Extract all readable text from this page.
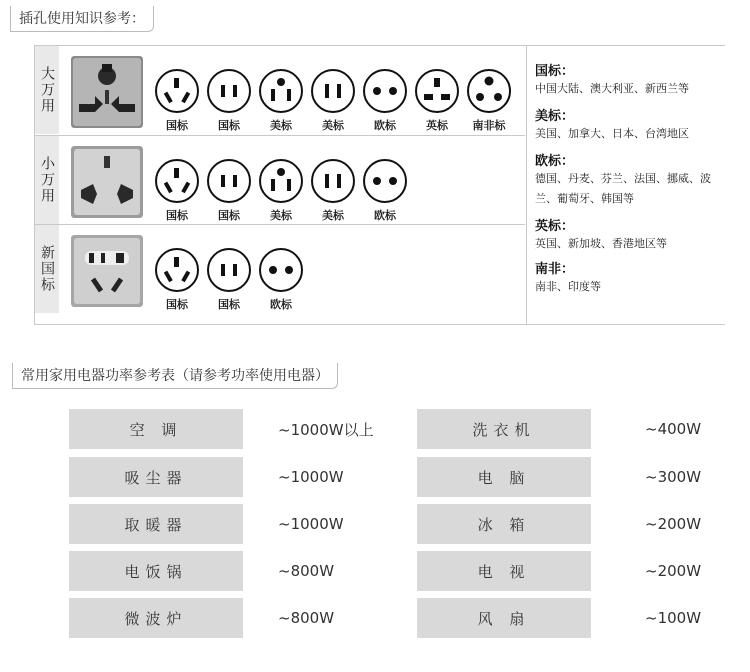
插孔使用知识参考：
大万用
国标	国标	美标	美标	欧标	英标	南非标
小万用
国标	国标	美标	美标	欧标
新国标
国标	国标	欧标
国标：
中国大陆、澳大利亚、新西兰等
美标：
美国、加拿大、日本、台湾地区
欧标：
德国、丹麦、芬兰、法国、挪威、波兰、葡萄牙、韩国等
英标：
英国、新加坡、香港地区等
南非：
南非、印度等
常用家用电器功率参考表（请参考功率使用电器）
空 调	~1000W以上	洗衣机	~400W
吸尘器	~1000W	电 脑	~300W
取暖器	~1000W	冰 箱	~200W
电饭锅	~800W	电 视	~200W
微波炉	~800W	风 扇	~100W
